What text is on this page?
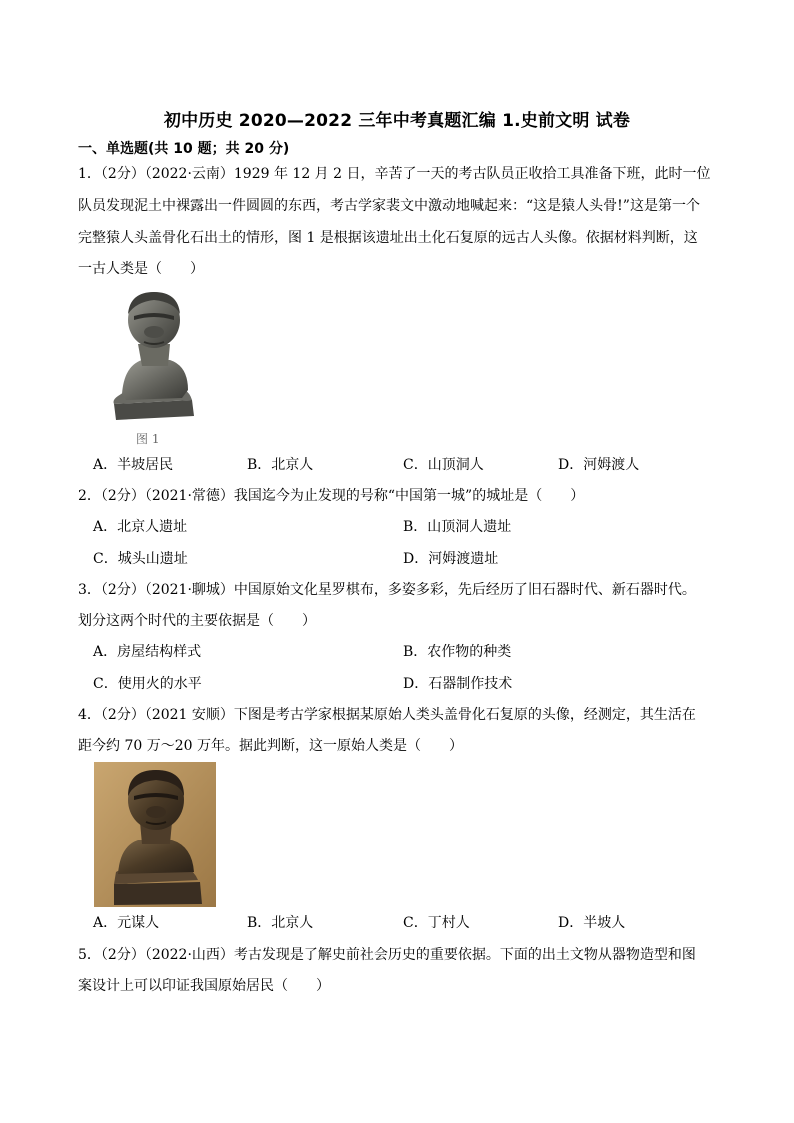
初中历史 2020—2022 三年中考真题汇编 1.史前文明 试卷
一、单选题(共 10 题；共 20 分)
1．（2分）（2022·云南）1929 年 12 月 2 日，辛苦了一天的考古队员正收拾工具准备下班，此时一位
队员发现泥土中裸露出一件圆圆的东西，考古学家裴文中激动地喊起来：“这是猿人头骨!”这是第一个
完整猿人头盖骨化石出土的情形，图 1 是根据该遗址出土化石复原的远古人头像。依据材料判断，这
一古人类是（　　）
图 1
A．半坡居民	B．北京人	C．山顶洞人	D．河姆渡人
2．（2分）（2021·常德）我国迄今为止发现的号称“中国第一城”的城址是（　　）
A．北京人遗址	B．山顶洞人遗址
C．城头山遗址	D．河姆渡遗址
3．（2分）（2021·聊城）中国原始文化星罗棋布，多姿多彩，先后经历了旧石器时代、新石器时代。
划分这两个时代的主要依据是（　　）
A．房屋结构样式	B．农作物的种类
C．使用火的水平	D．石器制作技术
4．（2分）（2021 安顺）下图是考古学家根据某原始人类头盖骨化石复原的头像，经测定，其生活在
距今约 70 万～20 万年。据此判断，这一原始人类是（　　）
A．元谋人	B．北京人	C．丁村人	D．半坡人
5．（2分）（2022·山西）考古发现是了解史前社会历史的重要依据。下面的出土文物从器物造型和图
案设计上可以印证我国原始居民（　　）
